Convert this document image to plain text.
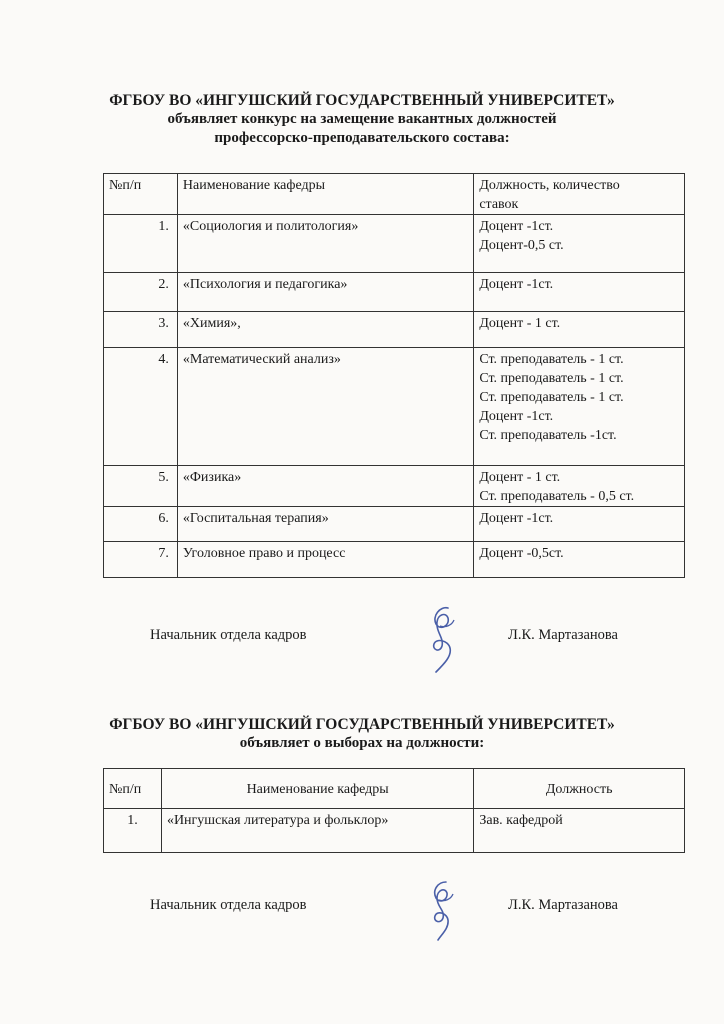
ФГБОУ ВО «ИНГУШСКИЙ ГОСУДАРСТВЕННЫЙ УНИВЕРСИТЕТ»
объявляет конкурс на замещение вакантных должностей
профессорско-преподавательского состава:
№п/п	Наименование кафедры	Должность, количество
ставок

1.	«Социология и политология»	Доцент -1ст.
Доцент-0,5 ст.

2.	«Психология и педагогика»	Доцент -1ст.

3.	«Химия»,	Доцент - 1 ст.

4.	«Математический анализ»	Ст. преподаватель - 1 ст.
Ст. преподаватель - 1 ст.
Ст. преподаватель - 1 ст.
Доцент -1ст.
Ст. преподаватель -1ст.

5.	«Физика»	Доцент - 1 ст.
Ст. преподаватель - 0,5 ст.

6.	«Госпитальная терапия»	Доцент -1ст.

7.	Уголовное право и процесс	Доцент -0,5ст.
Начальник отдела кадров	Л.К. Мартазанова
ФГБОУ ВО «ИНГУШСКИЙ ГОСУДАРСТВЕННЫЙ УНИВЕРСИТЕТ»
объявляет о выборах на должности:
№п/п	Наименование кафедры	Должность
1.	«Ингушская литература и фольклор»	Зав. кафедрой
Начальник отдела кадров	Л.К. Мартазанова
